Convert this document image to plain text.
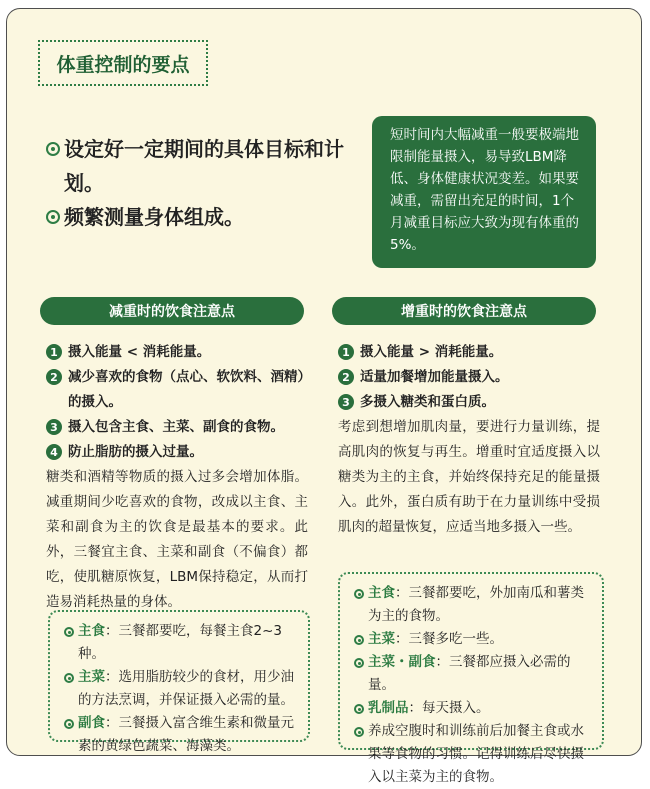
体重控制的要点
设定好一定期间的具体目标和计划。
频繁测量身体组成。
短时间内大幅减重一般要极端地限制能量摄入，易导致LBM降低、身体健康状况变差。如果要减重，需留出充足的时间，1个月减重目标应大致为现有体重的5%。
减重时的饮食注意点
1 摄入能量 < 消耗能量。
2 减少喜欢的食物（点心、软饮料、酒精）的摄入。
3 摄入包含主食、主菜、副食的食物。
4 防止脂肪的摄入过量。
糖类和酒精等物质的摄入过多会增加体脂。减重期间少吃喜欢的食物，改成以主食、主菜和副食为主的饮食是最基本的要求。此外，三餐宜主食、主菜和副食（不偏食）都吃，使肌糖原恢复，LBM保持稳定，从而打造易消耗热量的身体。
主食：三餐都要吃，每餐主食2~3种。
主菜：选用脂肪较少的食材，用少油的方法烹调，并保证摄入必需的量。
副食：三餐摄入富含维生素和微量元素的黄绿色蔬菜、海藻类。
增重时的饮食注意点
1 摄入能量 > 消耗能量。
2 适量加餐增加能量摄入。
3 多摄入糖类和蛋白质。
考虑到想增加肌肉量，要进行力量训练，提高肌肉的恢复与再生。增重时宜适度摄入以糖类为主的主食，并始终保持充足的能量摄入。此外，蛋白质有助于在力量训练中受损肌肉的超量恢复，应适当地多摄入一些。
主食：三餐都要吃，外加南瓜和薯类为主的食物。
主菜：三餐多吃一些。
主菜・副食：三餐都应摄入必需的量。
乳制品：每天摄入。
养成空腹时和训练前后加餐主食或水果等食物的习惯。记得训练后尽快摄入以主菜为主的食物。
